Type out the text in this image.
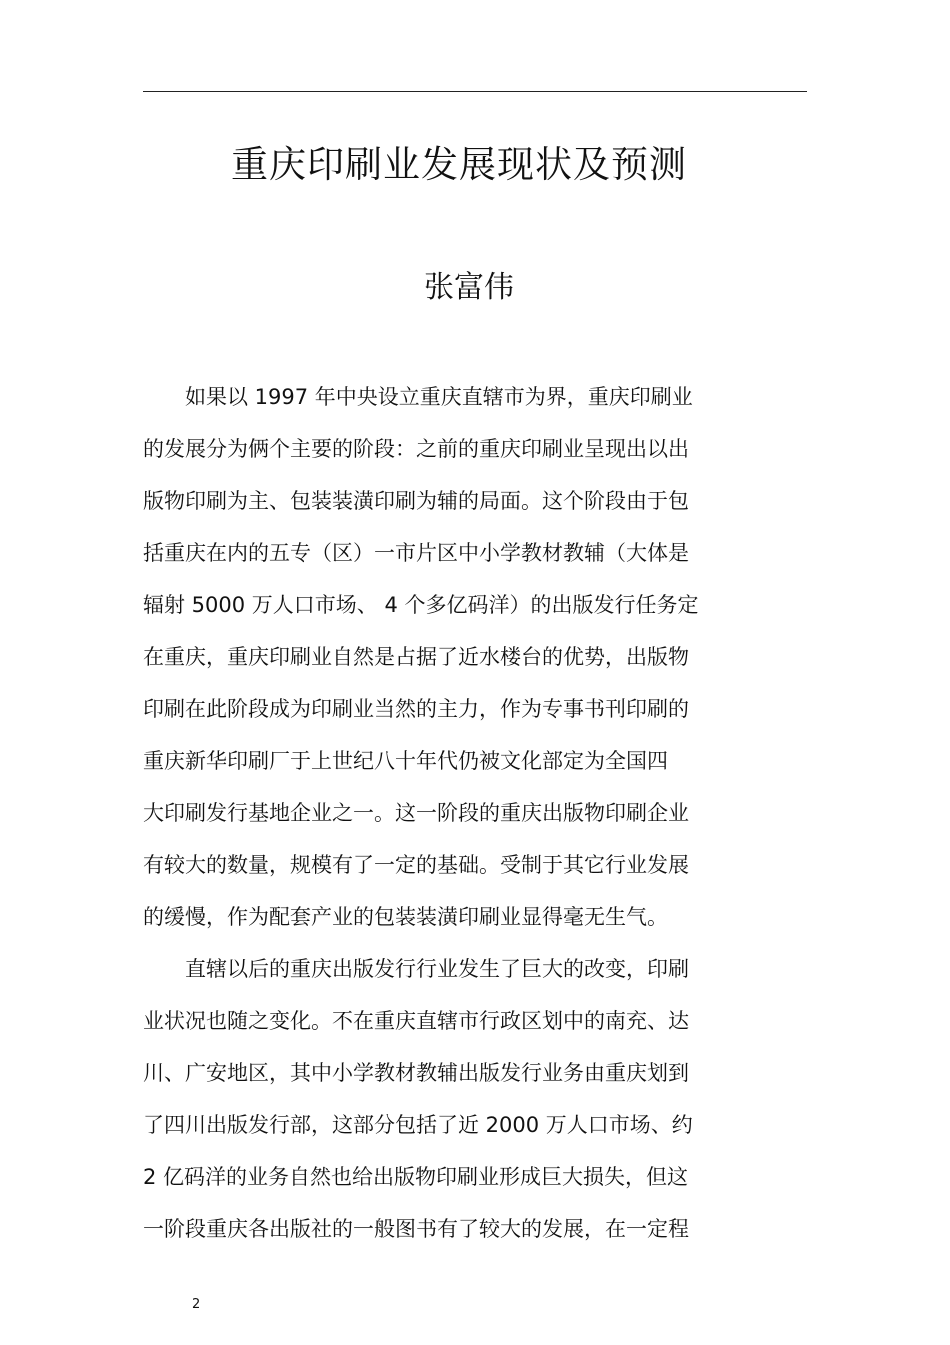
重庆印刷业发展现状及预测
张富伟
　　如果以 1997 年中央设立重庆直辖市为界，重庆印刷业
的发展分为俩个主要的阶段：之前的重庆印刷业呈现出以出
版物印刷为主、包装装潢印刷为辅的局面。这个阶段由于包
括重庆在内的五专（区）一市片区中小学教材教辅（大体是
辐射 5000 万人口市场、 4 个多亿码洋）的出版发行任务定
在重庆，重庆印刷业自然是占据了近水楼台的优势，出版物
印刷在此阶段成为印刷业当然的主力，作为专事书刊印刷的
重庆新华印刷厂于上世纪八十年代仍被文化部定为全国四
大印刷发行基地企业之一。这一阶段的重庆出版物印刷企业
有较大的数量，规模有了一定的基础。受制于其它行业发展
的缓慢，作为配套产业的包装装潢印刷业显得毫无生气。
　　直辖以后的重庆出版发行行业发生了巨大的改变，印刷
业状况也随之变化。不在重庆直辖市行政区划中的南充、达
川、广安地区，其中小学教材教辅出版发行业务由重庆划到
了四川出版发行部，这部分包括了近 2000 万人口市场、约
2 亿码洋的业务自然也给出版物印刷业形成巨大损失，但这
一阶段重庆各出版社的一般图书有了较大的发展，在一定程
2
